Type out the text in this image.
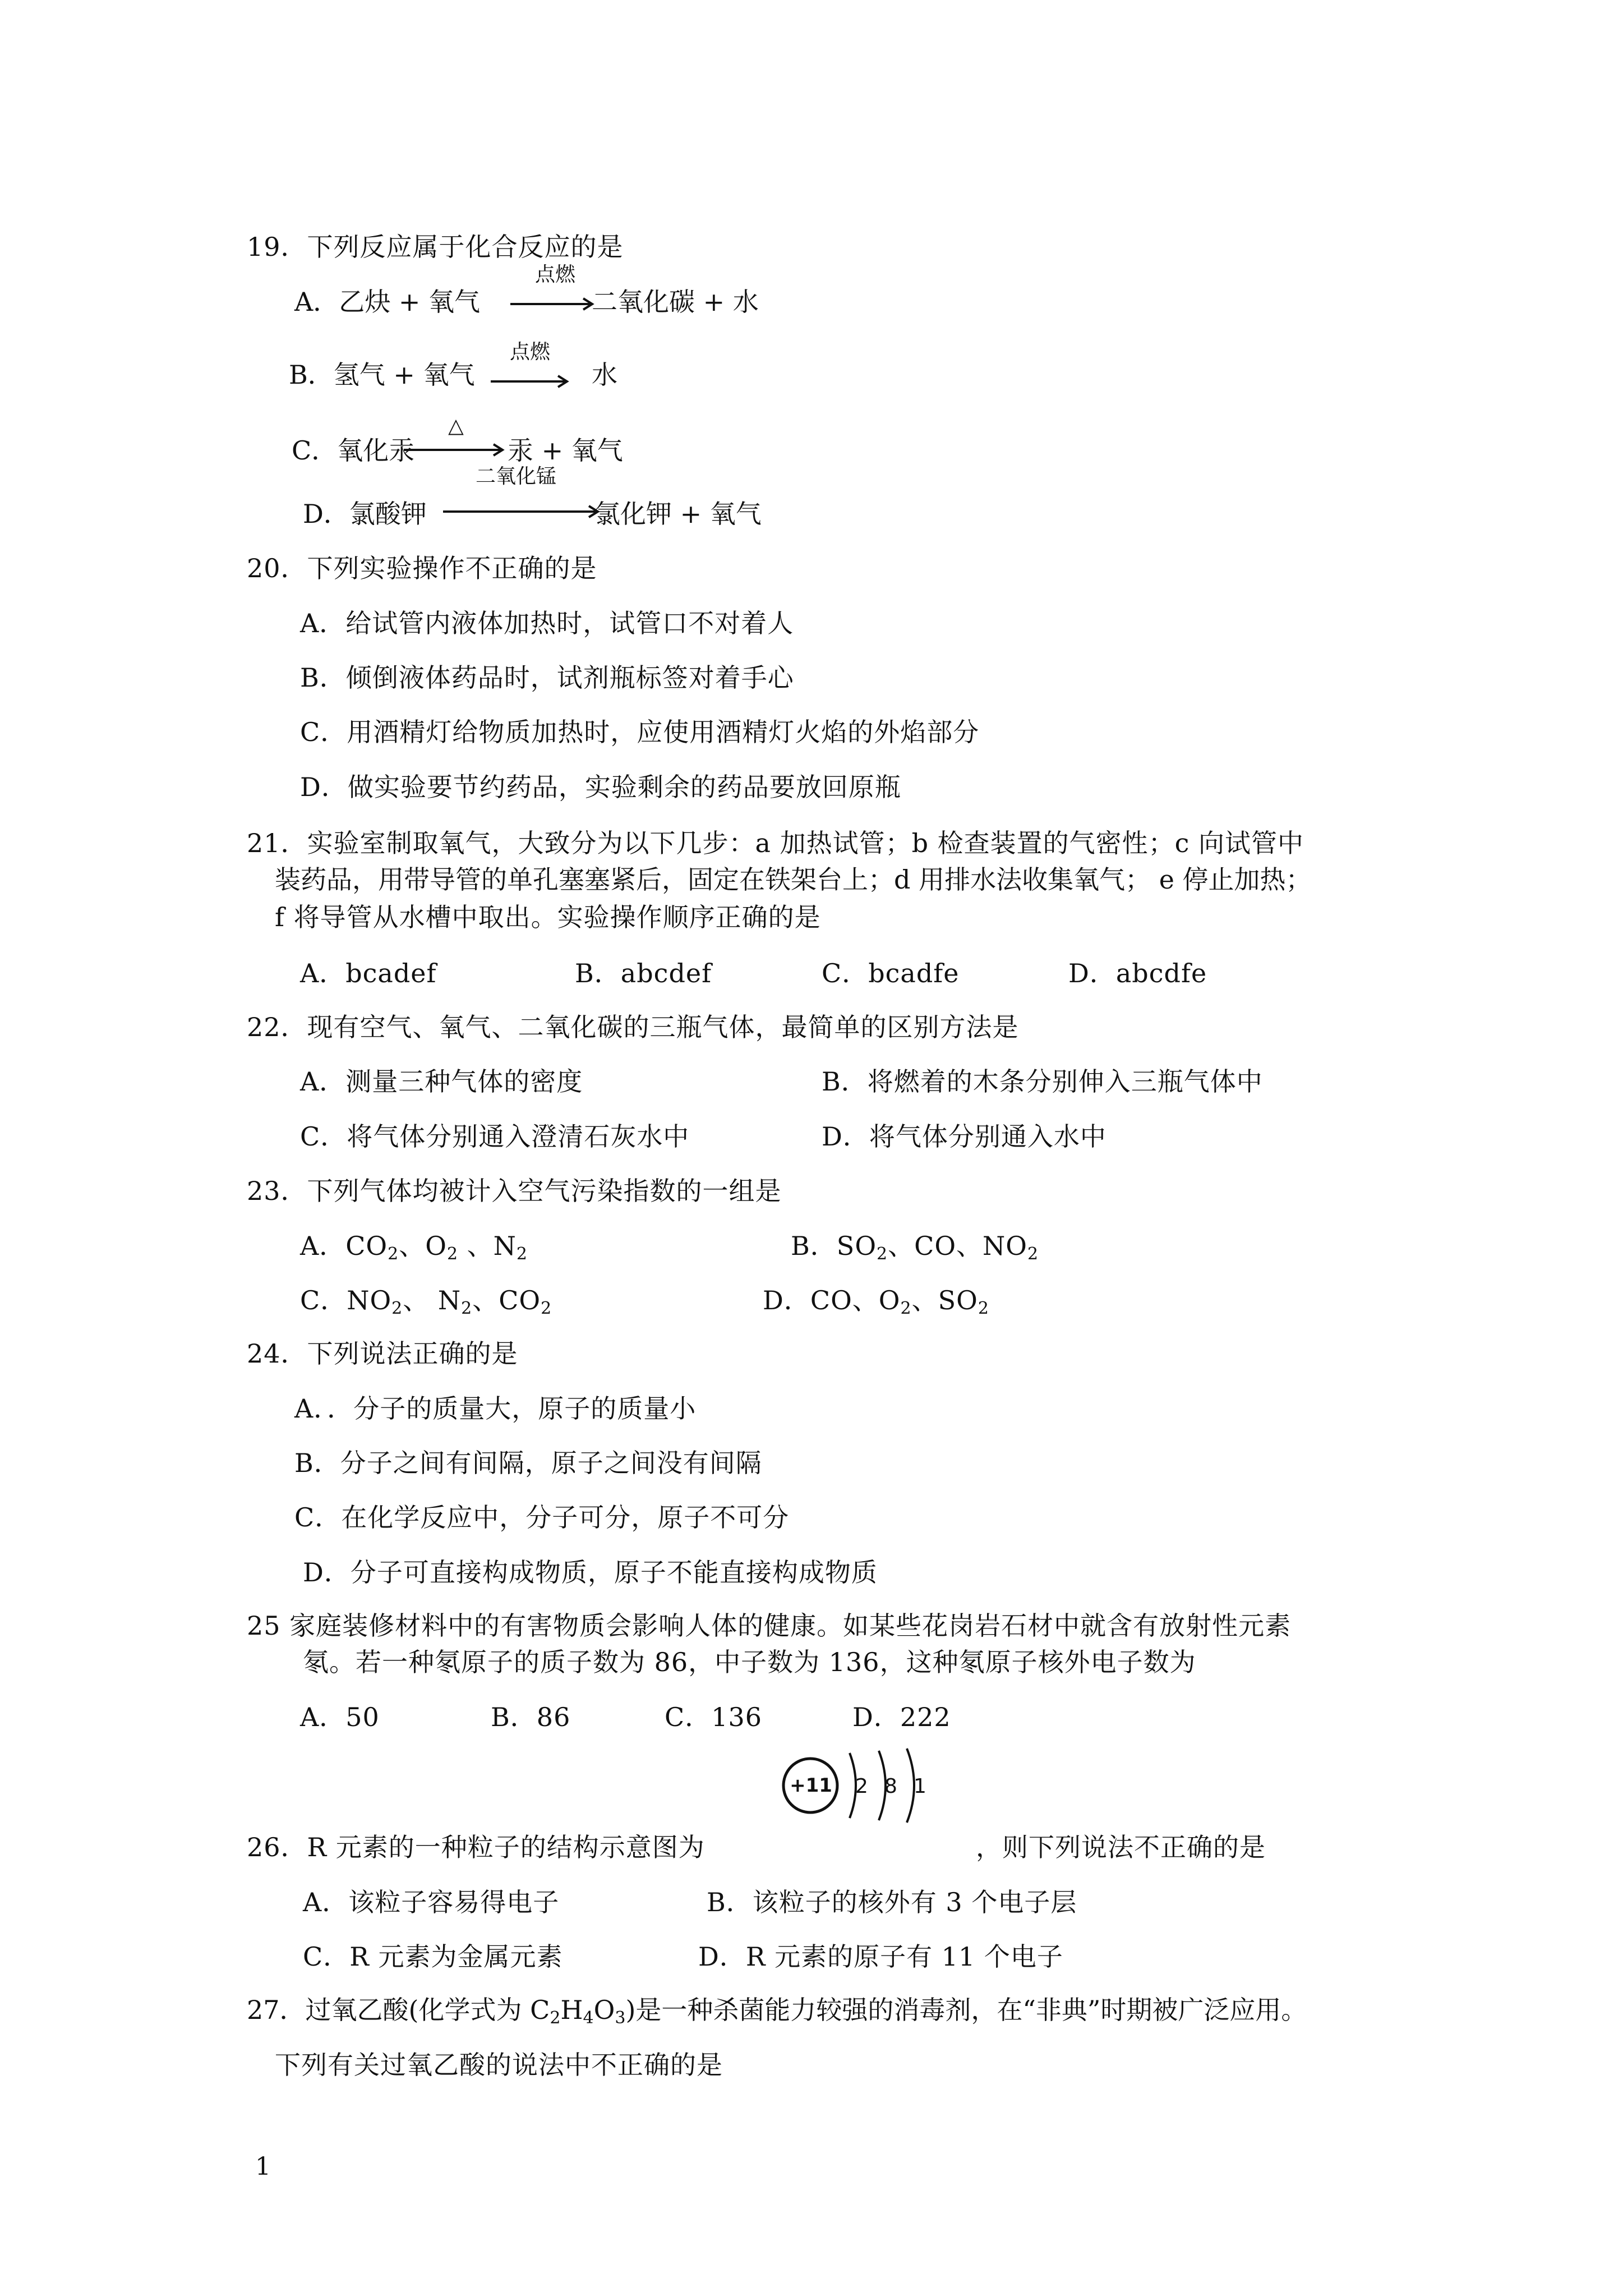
19．下列反应属于化合反应的是
A．乙炔 + 氧气
点燃
二氧化碳 + 水
B．氢气 + 氧气
点燃
水
C．氧化汞
△
汞 + 氧气
D．氯酸钾
二氧化锰
氯化钾 + 氧气
20．下列实验操作不正确的是
A．给试管内液体加热时，试管口不对着人
B．倾倒液体药品时，试剂瓶标签对着手心
C．用酒精灯给物质加热时，应使用酒精灯火焰的外焰部分
D．做实验要节约药品，实验剩余的药品要放回原瓶
21．实验室制取氧气，大致分为以下几步：a 加热试管；b 检查装置的气密性；c 向试管中
装药品，用带导管的单孔塞塞紧后，固定在铁架台上；d 用排水法收集氧气； e 停止加热；
f 将导管从水槽中取出。实验操作顺序正确的是
A．bcadef	B．abcdef	C．bcadfe	D．abcdfe
22．现有空气、氧气、二氧化碳的三瓶气体，最简单的区别方法是
A．测量三种气体的密度	B．将燃着的木条分别伸入三瓶气体中
C．将气体分别通入澄清石灰水中	D．将气体分别通入水中
23．下列气体均被计入空气污染指数的一组是
A．$CO_2$、$O_2$ 、$N_2$	B．$SO_2$、CO、$NO_2$
C．$NO_2$、 $N_2$、$CO_2$	D．CO、$O_2$、$SO_2$
24．下列说法正确的是
A．．分子的质量大，原子的质量小
B．分子之间有间隔，原子之间没有间隔
C．在化学反应中，分子可分，原子不可分
D．分子可直接构成物质，原子不能直接构成物质
25 家庭装修材料中的有害物质会影响人体的健康。如某些花岗岩石材中就含有放射性元素
氡。若一种氡原子的质子数为 86，中子数为 136，这种氡原子核外电子数为
A．50	B．86	C．136	D．222
+11 2 8 1
26．R 元素的一种粒子的结构示意图为	，则下列说法不正确的是
A．该粒子容易得电子	B．该粒子的核外有 3 个电子层
C．R 元素为金属元素	D．R 元素的原子有 11 个电子
27．过氧乙酸(化学式为 $C_2H_4O_3$)是一种杀菌能力较强的消毒剂，在“非典”时期被广泛应用。
下列有关过氧乙酸的说法中不正确的是
1
